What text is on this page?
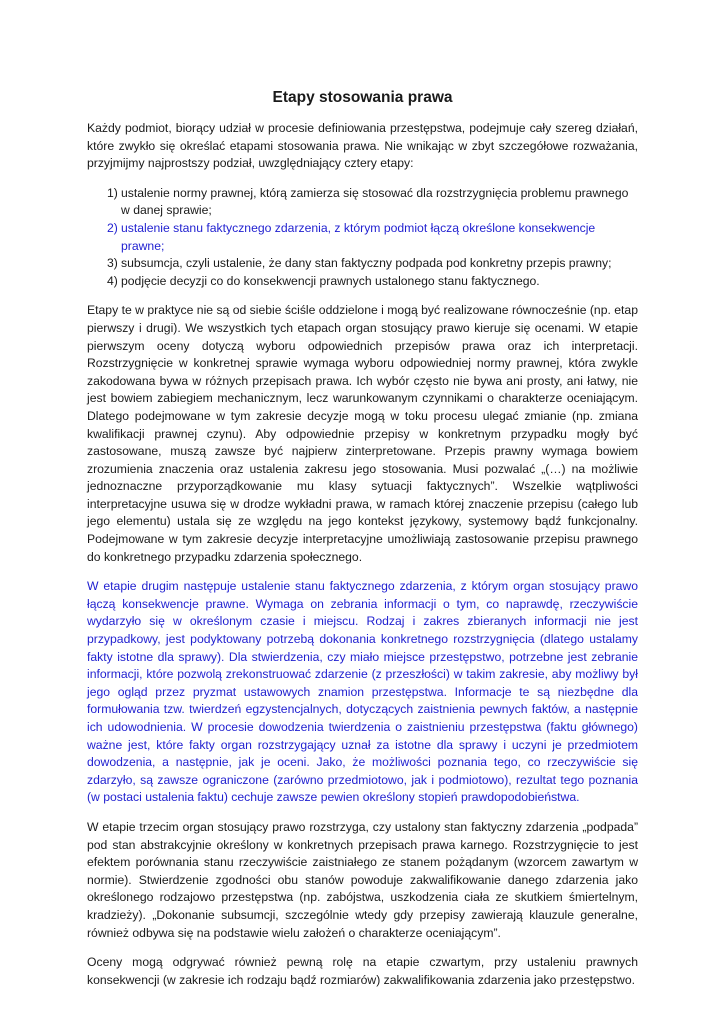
Etapy stosowania prawa

Każdy podmiot, biorący udział w procesie definiowania przestępstwa, podejmuje cały szereg działań, które zwykło się określać etapami stosowania prawa. Nie wnikając w zbyt szczegółowe rozważania, przyjmijmy najprostszy podział, uwzględniający cztery etapy:

1) ustalenie normy prawnej, którą zamierza się stosować dla rozstrzygnięcia problemu prawnego w danej sprawie;
2) ustalenie stanu faktycznego zdarzenia, z którym podmiot łączą określone konsekwencje prawne;
3) subsumcja, czyli ustalenie, że dany stan faktyczny podpada pod konkretny przepis prawny;
4) podjęcie decyzji co do konsekwencji prawnych ustalonego stanu faktycznego.

Etapy te w praktyce nie są od siebie ściśle oddzielone i mogą być realizowane równocześnie (np. etap pierwszy i drugi). We wszystkich tych etapach organ stosujący prawo kieruje się ocenami. W etapie pierwszym oceny dotyczą wyboru odpowiednich przepisów prawa oraz ich interpretacji. Rozstrzygnięcie w konkretnej sprawie wymaga wyboru odpowiedniej normy prawnej, która zwykle zakodowana bywa w różnych przepisach prawa. Ich wybór często nie bywa ani prosty, ani łatwy, nie jest bowiem zabiegiem mechanicznym, lecz warunkowanym czynnikami o charakterze oceniającym. Dlatego podejmowane w tym zakresie decyzje mogą w toku procesu ulegać zmianie (np. zmiana kwalifikacji prawnej czynu). Aby odpowiednie przepisy w konkretnym przypadku mogły być zastosowane, muszą zawsze być najpierw zinterpretowane. Przepis prawny wymaga bowiem zrozumienia znaczenia oraz ustalenia zakresu jego stosowania. Musi pozwalać „(…) na możliwie jednoznaczne przyporządkowanie mu klasy sytuacji faktycznych”. Wszelkie wątpliwości interpretacyjne usuwa się w drodze wykładni prawa, w ramach której znaczenie przepisu (całego lub jego elementu) ustala się ze względu na jego kontekst językowy, systemowy bądź funkcjonalny. Podejmowane w tym zakresie decyzje interpretacyjne umożliwiają zastosowanie przepisu prawnego do konkretnego przypadku zdarzenia społecznego.

W etapie drugim następuje ustalenie stanu faktycznego zdarzenia, z którym organ stosujący prawo łączą konsekwencje prawne. Wymaga on zebrania informacji o tym, co naprawdę, rzeczywiście wydarzyło się w określonym czasie i miejscu. Rodzaj i zakres zbieranych informacji nie jest przypadkowy, jest podyktowany potrzebą dokonania konkretnego rozstrzygnięcia (dlatego ustalamy fakty istotne dla sprawy). Dla stwierdzenia, czy miało miejsce przestępstwo, potrzebne jest zebranie informacji, które pozwolą zrekonstruować zdarzenie (z przeszłości) w takim zakresie, aby możliwy był jego ogląd przez pryzmat ustawowych znamion przestępstwa. Informacje te są niezbędne dla formułowania tzw. twierdzeń egzystencjalnych, dotyczących zaistnienia pewnych faktów, a następnie ich udowodnienia. W procesie dowodzenia twierdzenia o zaistnieniu przestępstwa (faktu głównego) ważne jest, które fakty organ rozstrzygający uznał za istotne dla sprawy i uczyni je przedmiotem dowodzenia, a następnie, jak je oceni. Jako, że możliwości poznania tego, co rzeczywiście się zdarzyło, są zawsze ograniczone (zarówno przedmiotowo, jak i podmiotowo), rezultat tego poznania (w postaci ustalenia faktu) cechuje zawsze pewien określony stopień prawdopodobieństwa.

W etapie trzecim organ stosujący prawo rozstrzyga, czy ustalony stan faktyczny zdarzenia „podpada” pod stan abstrakcyjnie określony w konkretnych przepisach prawa karnego. Rozstrzygnięcie to jest efektem porównania stanu rzeczywiście zaistniałego ze stanem pożądanym (wzorcem zawartym w normie). Stwierdzenie zgodności obu stanów powoduje zakwalifikowanie danego zdarzenia jako określonego rodzajowo przestępstwa (np. zabójstwa, uszkodzenia ciała ze skutkiem śmiertelnym, kradzieży). „Dokonanie subsumcji, szczególnie wtedy gdy przepisy zawierają klauzule generalne, również odbywa się na podstawie wielu założeń o charakterze oceniającym”.

Oceny mogą odgrywać również pewną rolę na etapie czwartym, przy ustaleniu prawnych konsekwencji (w zakresie ich rodzaju bądź rozmiarów) zakwalifikowania zdarzenia jako przestępstwo.
